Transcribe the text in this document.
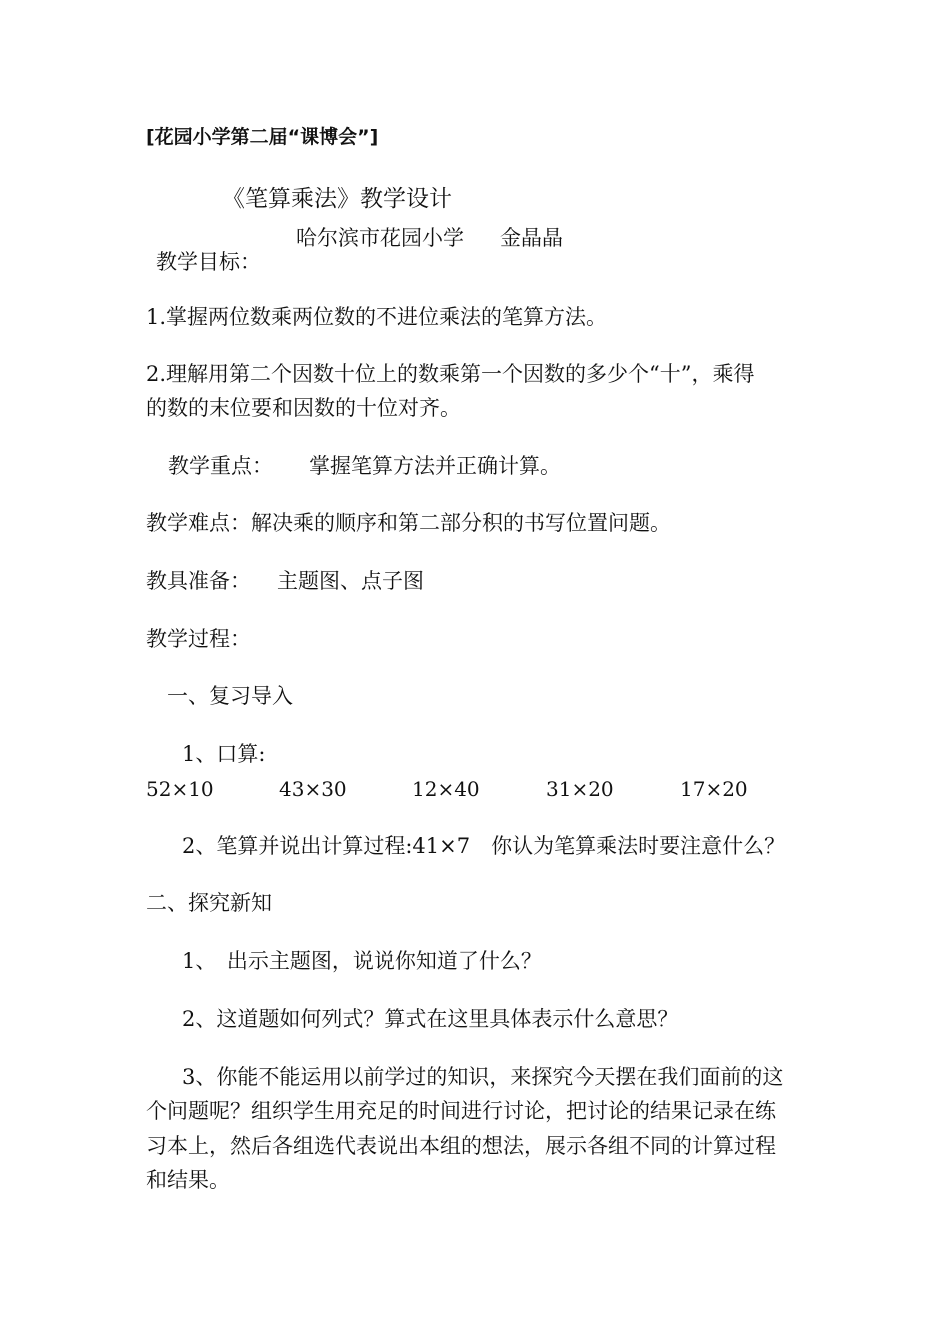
[花园小学第二届“课博会”]
《笔算乘法》教学设计
哈尔滨市花园小学 金晶晶
教学目标：
1.掌握两位数乘两位数的不进位乘法的笔算方法。
2.理解用第二个因数十位上的数乘第一个因数的多少个“十”，乘得
的数的末位要和因数的十位对齐。
教学重点： 掌握笔算方法并正确计算。
教学难点：解决乘的顺序和第二部分积的书写位置问题。
教具准备： 主题图、点子图
教学过程：
一、复习导入
1、口算:
52×10	43×30	12×40	31×20	17×20
2、笔算并说出计算过程:41×7　你认为笔算乘法时要注意什么？
二、探究新知
1、　出示主题图，说说你知道了什么？
2、这道题如何列式？算式在这里具体表示什么意思？
3、你能不能运用以前学过的知识，来探究今天摆在我们面前的这
个问题呢？组织学生用充足的时间进行讨论，把讨论的结果记录在练
习本上，然后各组选代表说出本组的想法，展示各组不同的计算过程
和结果。
